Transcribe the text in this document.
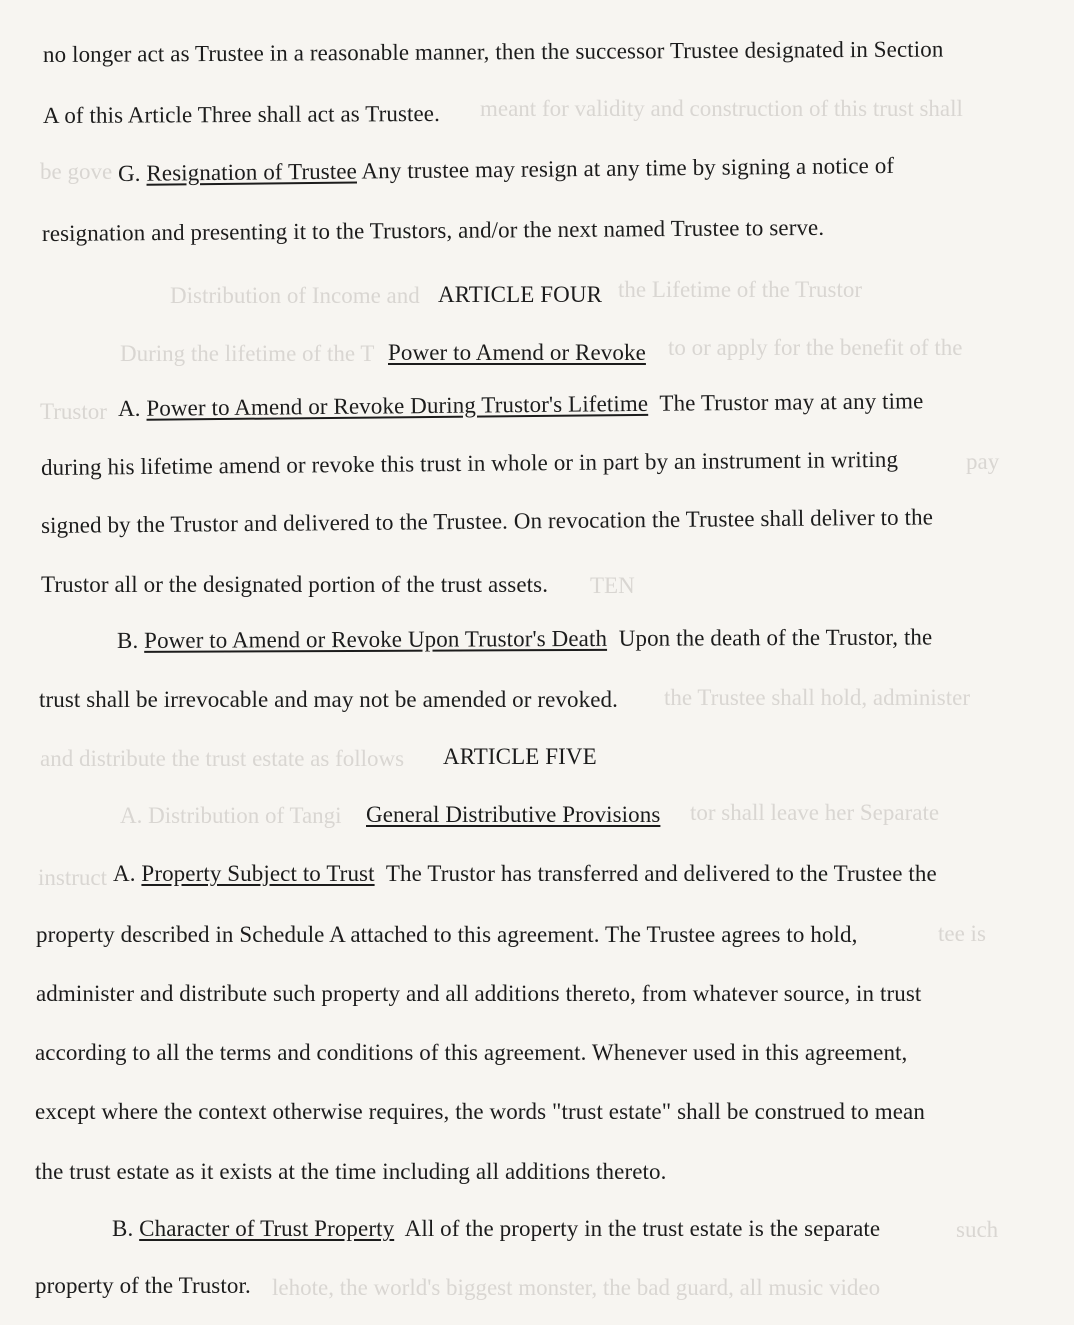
meant for validity and construction of this trust shall
be gove
Distribution of Income and	the Lifetime of the Trustor
During the lifetime of the T	to or apply for the benefit of the
Trustor
pay
TEN
the Trustee shall hold, administer
and distribute the trust estate as follows
A. Distribution of Tangi	tor shall leave her Separate
instruct
tee is
such
lehote, the world's biggest monster, the bad guard, all music video
no longer act as Trustee in a reasonable manner, then the successor Trustee designated in Section
A of this Article Three shall act as Trustee.
G. Resignation of Trustee Any trustee may resign at any time by signing a notice of
resignation and presenting it to the Trustors, and/or the next named Trustee to serve.
ARTICLE FOUR
Power to Amend or Revoke
A. Power to Amend or Revoke During Trustor's Lifetime The Trustor may at any time
during his lifetime amend or revoke this trust in whole or in part by an instrument in writing
signed by the Trustor and delivered to the Trustee. On revocation the Trustee shall deliver to the
Trustor all or the designated portion of the trust assets.
B. Power to Amend or Revoke Upon Trustor's Death Upon the death of the Trustor, the
trust shall be irrevocable and may not be amended or revoked.
ARTICLE FIVE
General Distributive Provisions
A. Property Subject to Trust The Trustor has transferred and delivered to the Trustee the
property described in Schedule A attached to this agreement. The Trustee agrees to hold,
administer and distribute such property and all additions thereto, from whatever source, in trust
according to all the terms and conditions of this agreement. Whenever used in this agreement,
except where the context otherwise requires, the words "trust estate" shall be construed to mean
the trust estate as it exists at the time including all additions thereto.
B. Character of Trust Property All of the property in the trust estate is the separate
property of the Trustor.
